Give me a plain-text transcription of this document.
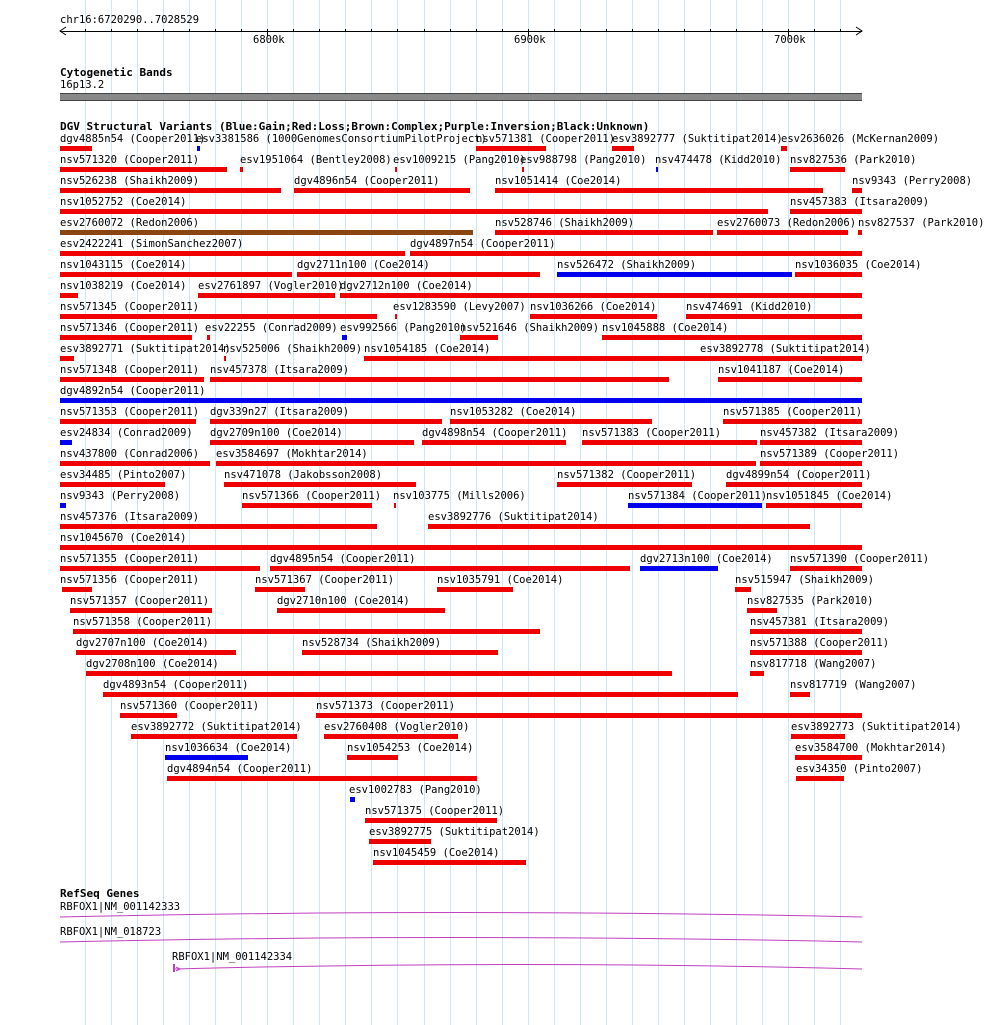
chr16:6720290..7028529
6800k	6900k	7000k
Cytogenetic Bands
16p13.2
DGV Structural Variants (Blue:Gain;Red:Loss;Brown:Complex;Purple:Inversion;Black:Unknown)
dgv4885n54 (Cooper2011)
esv3381586 (1000GenomesConsortiumPilotProject)
nsv571381 (Cooper2011)
esv3892777 (Suktitipat2014)
esv2636026 (McKernan2009)
nsv571320 (Cooper2011)	esv1951064 (Bentley2008) esv1009215 (Pang2010)
esv988798 (Pang2010) nsv474478 (Kidd2010) nsv827536 (Park2010)
nsv526238 (Shaikh2009)	dgv4896n54 (Cooper2011)	nsv1051414 (Coe2014)	nsv9343 (Perry2008)
nsv1052752 (Coe2014)	nsv457383 (Itsara2009)
esv2760072 (Redon2006)	nsv528746 (Shaikh2009)	esv2760073 (Redon2006) nsv827537 (Park2010)
esv2422241 (SimonSanchez2007)	dgv4897n54 (Cooper2011)
nsv1043115 (Coe2014)	dgv2711n100 (Coe2014)	nsv526472 (Shaikh2009)	nsv1036035 (Coe2014)
nsv1038219 (Coe2014) esv2761897 (Vogler2010)
dgv2712n100 (Coe2014)
nsv571345 (Cooper2011)	esv1283590 (Levy2007) nsv1036266 (Coe2014)	nsv474691 (Kidd2010)
nsv571346 (Cooper2011) esv22255 (Conrad2009) esv992566 (Pang2010)
nsv521646 (Shaikh2009) nsv1045888 (Coe2014)
esv3892771 (Suktitipat2014)
nsv525006 (Shaikh2009) nsv1054185 (Coe2014)	esv3892778 (Suktitipat2014)
nsv571348 (Cooper2011) nsv457378 (Itsara2009)	nsv1041187 (Coe2014)
dgv4892n54 (Cooper2011)
nsv571353 (Cooper2011) dgv339n27 (Itsara2009)	nsv1053282 (Coe2014)	nsv571385 (Cooper2011)
esv24834 (Conrad2009) dgv2709n100 (Coe2014)	dgv4898n54 (Cooper2011) nsv571383 (Cooper2011)	nsv457382 (Itsara2009)
nsv437800 (Conrad2006) esv3584697 (Mokhtar2014)	nsv571389 (Cooper2011)
esv34485 (Pinto2007)	nsv471078 (Jakobsson2008)	nsv571382 (Cooper2011)	dgv4899n54 (Cooper2011)
nsv9343 (Perry2008)	nsv571366 (Cooper2011) nsv103775 (Mills2006)	nsv571384 (Cooper2011)
nsv1051845 (Coe2014)
nsv457376 (Itsara2009)	esv3892776 (Suktitipat2014)
nsv1045670 (Coe2014)
nsv571355 (Cooper2011)	dgv4895n54 (Cooper2011)	dgv2713n100 (Coe2014) nsv571390 (Cooper2011)
nsv571356 (Cooper2011)	nsv571367 (Cooper2011)	nsv1035791 (Coe2014)	nsv515947 (Shaikh2009)
nsv571357 (Cooper2011)	dgv2710n100 (Coe2014)	nsv827535 (Park2010)
nsv571358 (Cooper2011)	nsv457381 (Itsara2009)
dgv2707n100 (Coe2014)	nsv528734 (Shaikh2009)	nsv571388 (Cooper2011)
dgv2708n100 (Coe2014)	nsv817718 (Wang2007)
dgv4893n54 (Cooper2011)	nsv817719 (Wang2007)
nsv571360 (Cooper2011)	nsv571373 (Cooper2011)
esv3892772 (Suktitipat2014) esv2760408 (Vogler2010)	esv3892773 (Suktitipat2014)
nsv1036634 (Coe2014)	nsv1054253 (Coe2014)	esv3584700 (Mokhtar2014)
dgv4894n54 (Cooper2011)	esv34350 (Pinto2007)
esv1002783 (Pang2010)
nsv571375 (Cooper2011)
esv3892775 (Suktitipat2014)
nsv1045459 (Coe2014)
RefSeq Genes
RBFOX1|NM_001142333
RBFOX1|NM_018723
RBFOX1|NM_001142334
